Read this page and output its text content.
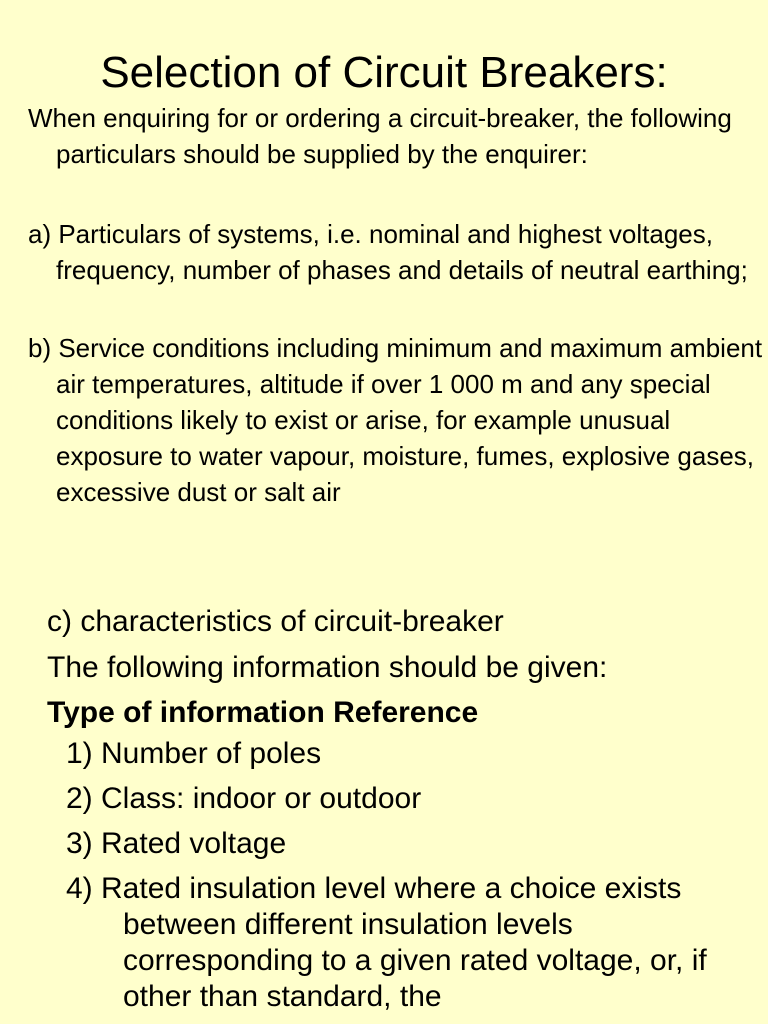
Selection of Circuit Breakers:

When enquiring for or ordering a circuit-breaker, the following particulars should be supplied by the enquirer:

a) Particulars of systems, i.e. nominal and highest voltages, frequency, number of phases and details of neutral earthing;

b) Service conditions including minimum and maximum ambient air temperatures, altitude if over 1 000 m and any special conditions likely to exist or arise, for example unusual exposure to water vapour, moisture, fumes, explosive gases, excessive dust or salt air

c) characteristics of circuit-breaker

The following information should be given:

Type of information Reference

1) Number of poles
2) Class: indoor or outdoor
3) Rated voltage
4) Rated insulation level where a choice exists between different insulation levels corresponding to a given rated voltage, or, if other than standard, the
